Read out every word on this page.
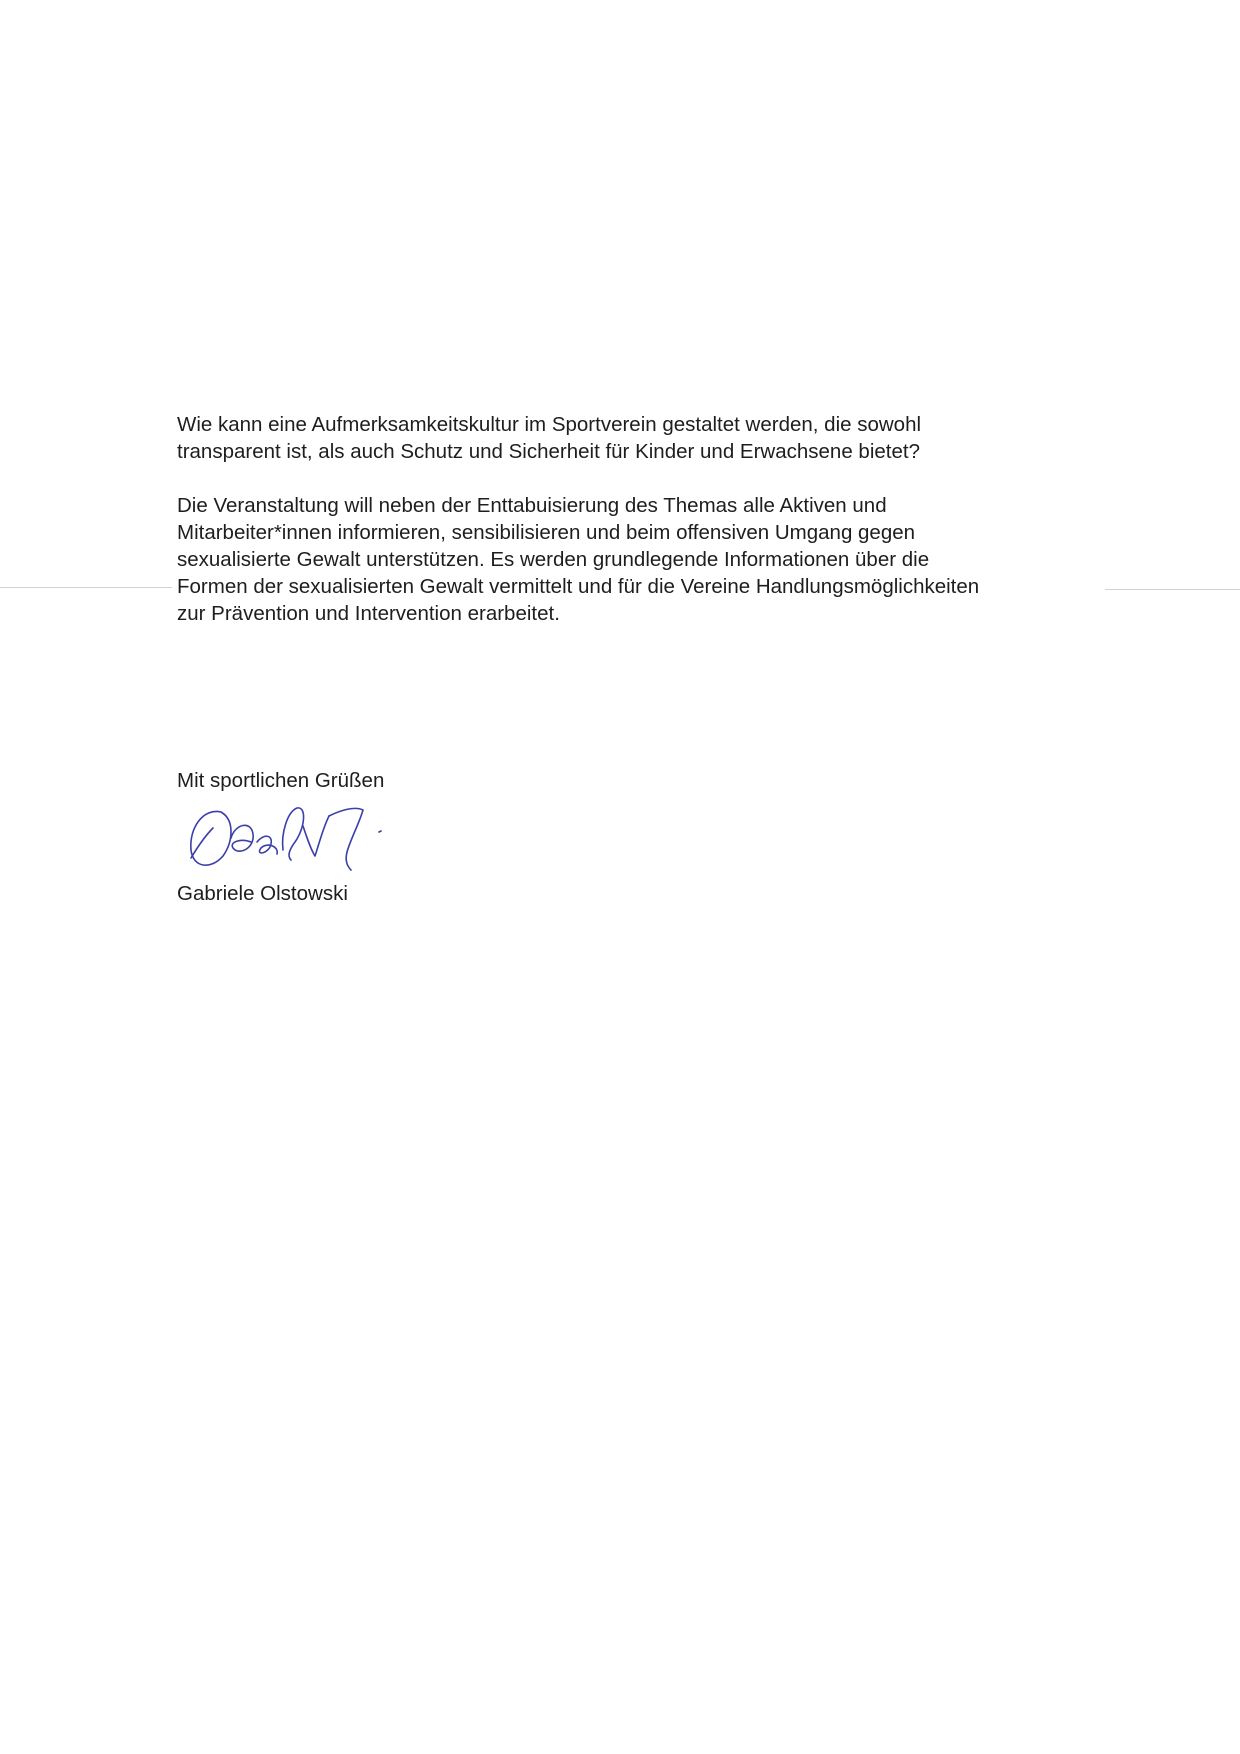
Wie kann eine Aufmerksamkeitskultur im Sportverein gestaltet werden, die sowohl
transparent ist, als auch Schutz und Sicherheit für Kinder und Erwachsene bietet?

Die Veranstaltung will neben der Enttabuisierung des Themas alle Aktiven und
Mitarbeiter*innen informieren, sensibilisieren und beim offensiven Umgang gegen
sexualisierte Gewalt unterstützen. Es werden grundlegende Informationen über die
Formen der sexualisierten Gewalt vermittelt und für die Vereine Handlungsmöglichkeiten
zur Prävention und Intervention erarbeitet.

Mit sportlichen Grüßen
Gabriele Olstowski
